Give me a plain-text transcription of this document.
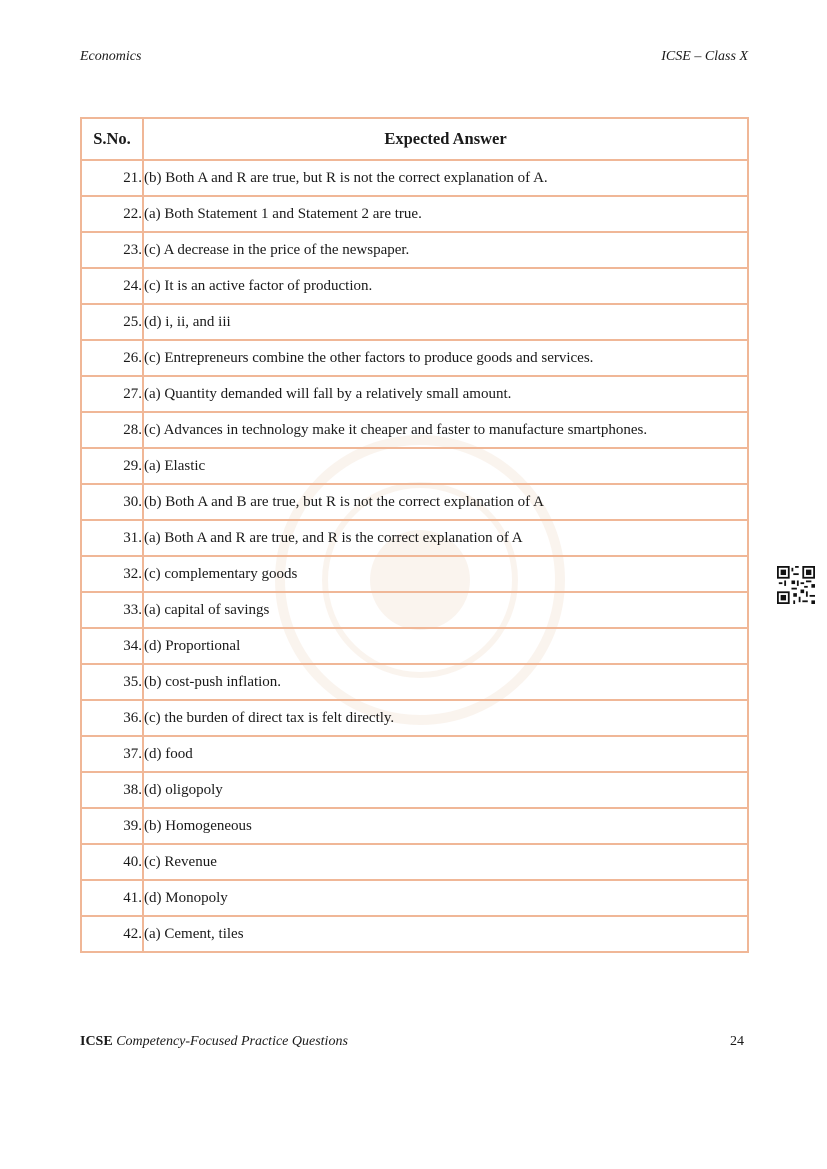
Economics	ICSE – Class X
S.No.	Expected Answer
21.	(b) Both A and R are true, but R is not the correct explanation of A.
22.	(a) Both Statement 1 and Statement 2 are true.
23.	(c) A decrease in the price of the newspaper.
24.	(c) It is an active factor of production.
25.	(d) i, ii, and iii
26.	(c) Entrepreneurs combine the other factors to produce goods and services.
27.	(a) Quantity demanded will fall by a relatively small amount.
28.	(c) Advances in technology make it cheaper and faster to manufacture smartphones.
29.	(a) Elastic
30.	(b) Both A and B are true, but R is not the correct explanation of A
31.	(a) Both A and R are true, and R is the correct explanation of A
32.	(c) complementary goods
33.	(a) capital of savings
34.	(d) Proportional
35.	(b) cost-push inflation.
36.	(c) the burden of direct tax is felt directly.
37.	(d) food
38.	(d) oligopoly
39.	(b) Homogeneous
40.	(c) Revenue
41.	(d) Monopoly
42.	(a) Cement, tiles
ICSE Competency-Focused Practice Questions	24
